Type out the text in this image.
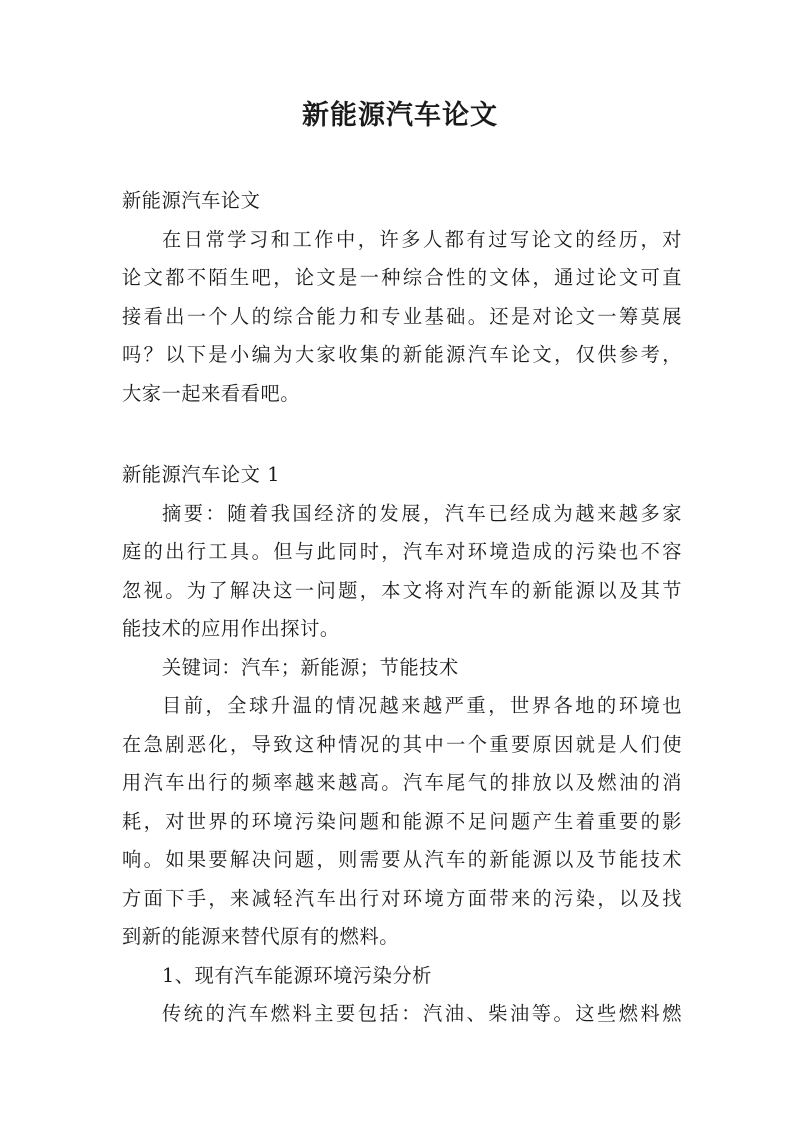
新能源汽车论文
新能源汽车论文
在日常学习和工作中，许多人都有过写论文的经历，对
论文都不陌生吧，论文是一种综合性的文体，通过论文可直
接看出一个人的综合能力和专业基础。还是对论文一筹莫展
吗？以下是小编为大家收集的新能源汽车论文，仅供参考，
大家一起来看看吧。
新能源汽车论文 1
摘要：随着我国经济的发展，汽车已经成为越来越多家
庭的出行工具。但与此同时，汽车对环境造成的污染也不容
忽视。为了解决这一问题，本文将对汽车的新能源以及其节
能技术的应用作出探讨。
关键词：汽车；新能源；节能技术
目前，全球升温的情况越来越严重，世界各地的环境也
在急剧恶化，导致这种情况的其中一个重要原因就是人们使
用汽车出行的频率越来越高。汽车尾气的排放以及燃油的消
耗，对世界的环境污染问题和能源不足问题产生着重要的影
响。如果要解决问题，则需要从汽车的新能源以及节能技术
方面下手，来减轻汽车出行对环境方面带来的污染，以及找
到新的能源来替代原有的燃料。
1、现有汽车能源环境污染分析
传统的汽车燃料主要包括：汽油、柴油等。这些燃料燃
